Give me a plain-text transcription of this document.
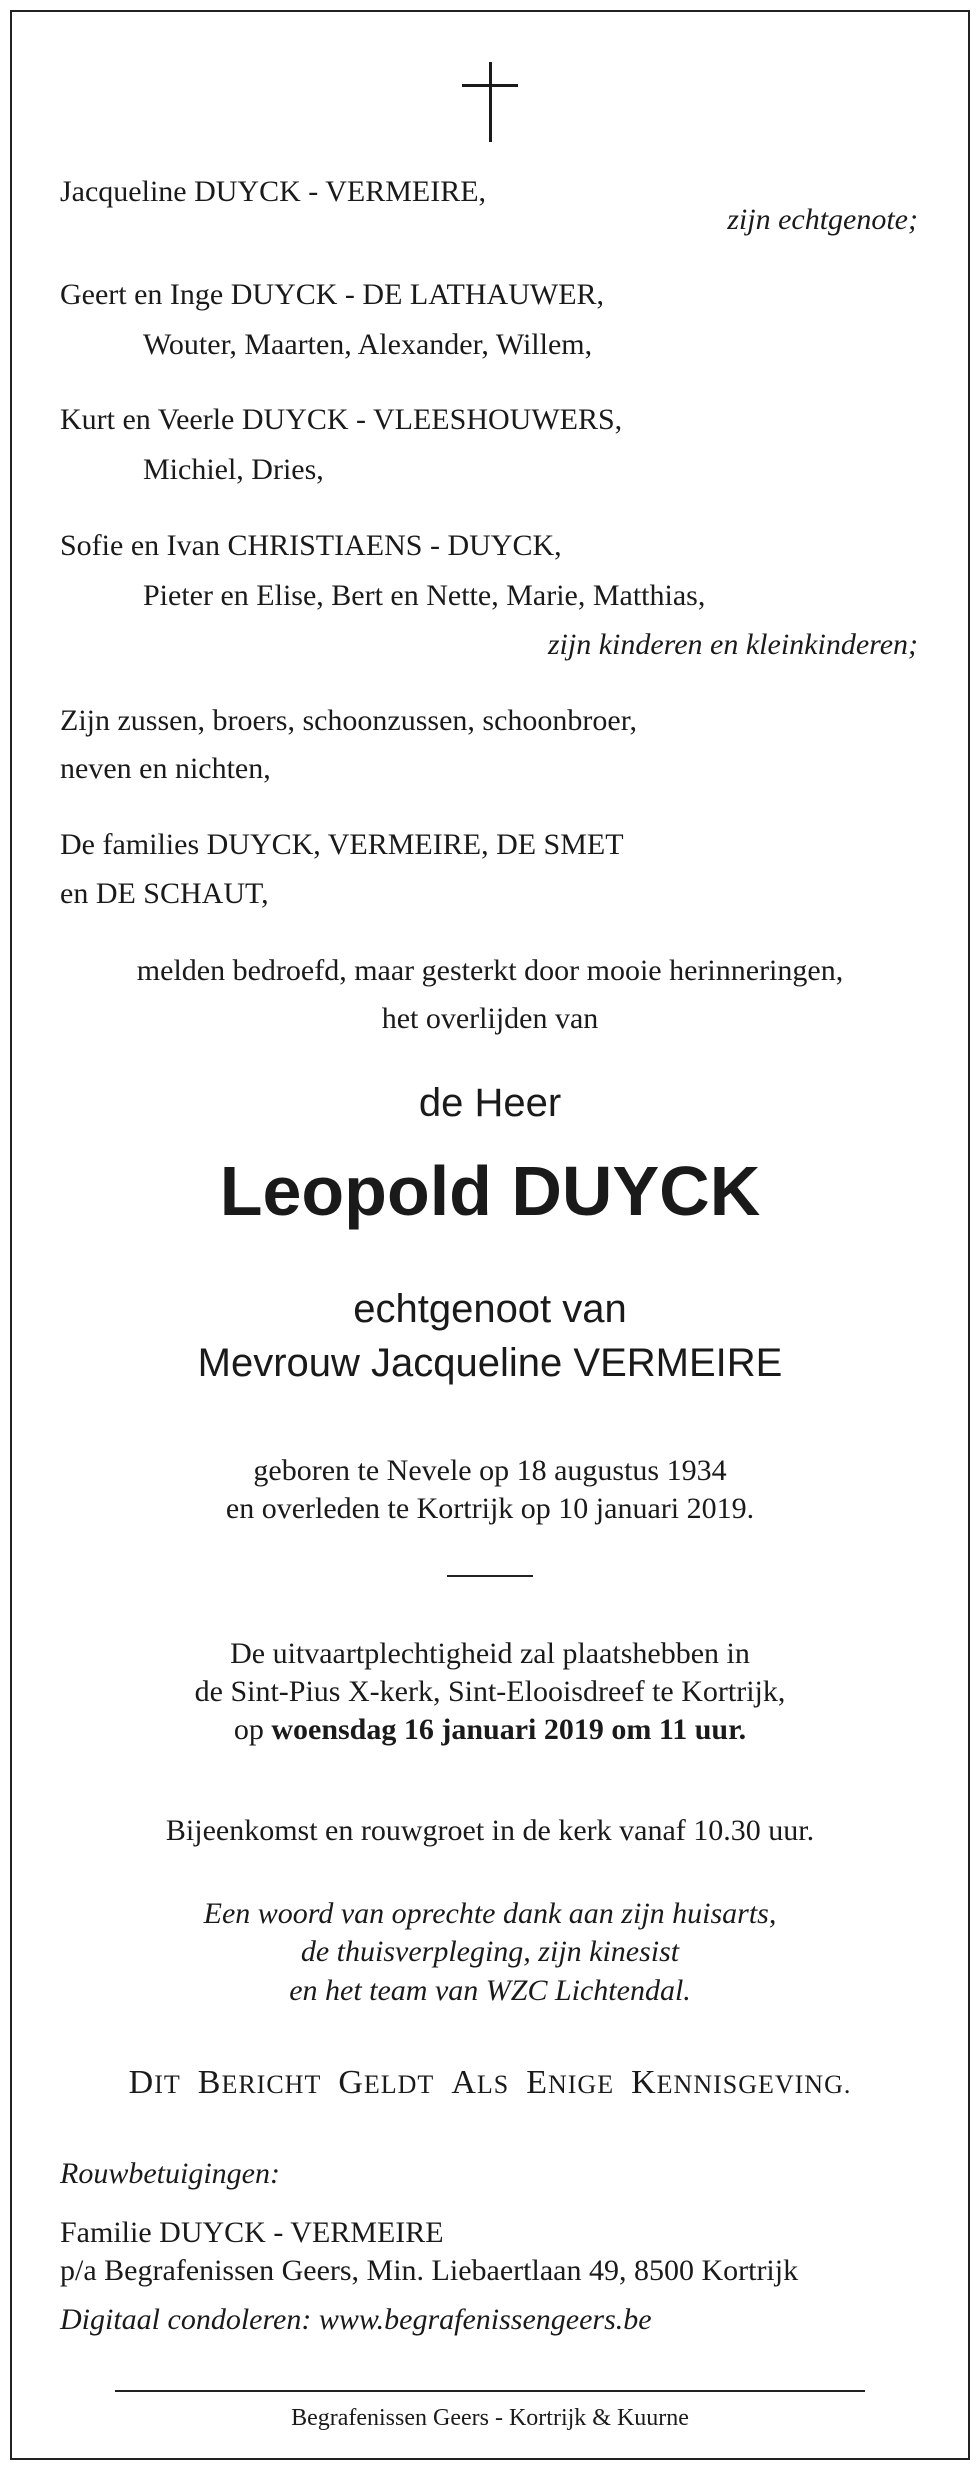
Jacqueline DUYCK - VERMEIRE,
zijn echtgenote;
Geert en Inge DUYCK - DE LATHAUWER,
Wouter, Maarten, Alexander, Willem,
Kurt en Veerle DUYCK - VLEESHOUWERS,
Michiel, Dries,
Sofie en Ivan CHRISTIAENS - DUYCK,
Pieter en Elise, Bert en Nette, Marie, Matthias,
zijn kinderen en kleinkinderen;
Zijn zussen, broers, schoonzussen, schoonbroer,
neven en nichten,
De families DUYCK, VERMEIRE, DE SMET
en DE SCHAUT,
melden bedroefd, maar gesterkt door mooie herinneringen,
het overlijden van
de Heer
Leopold DUYCK
echtgenoot van
Mevrouw Jacqueline VERMEIRE
geboren te Nevele op 18 augustus 1934
en overleden te Kortrijk op 10 januari 2019.
De uitvaartplechtigheid zal plaatshebben in
de Sint-Pius X-kerk, Sint-Elooisdreef te Kortrijk,
op woensdag 16 januari 2019 om 11 uur.
Bijeenkomst en rouwgroet in de kerk vanaf 10.30 uur.
Een woord van oprechte dank aan zijn huisarts,
de thuisverpleging, zijn kinesist
en het team van WZC Lichtendal.
DIT BERICHT GELDT ALS ENIGE KENNISGEVING.
Rouwbetuigingen:
Familie DUYCK - VERMEIRE
p/a Begrafenissen Geers, Min. Liebaertlaan 49, 8500 Kortrijk
Digitaal condoleren: www.begrafenissengeers.be
Begrafenissen Geers - Kortrijk & Kuurne
